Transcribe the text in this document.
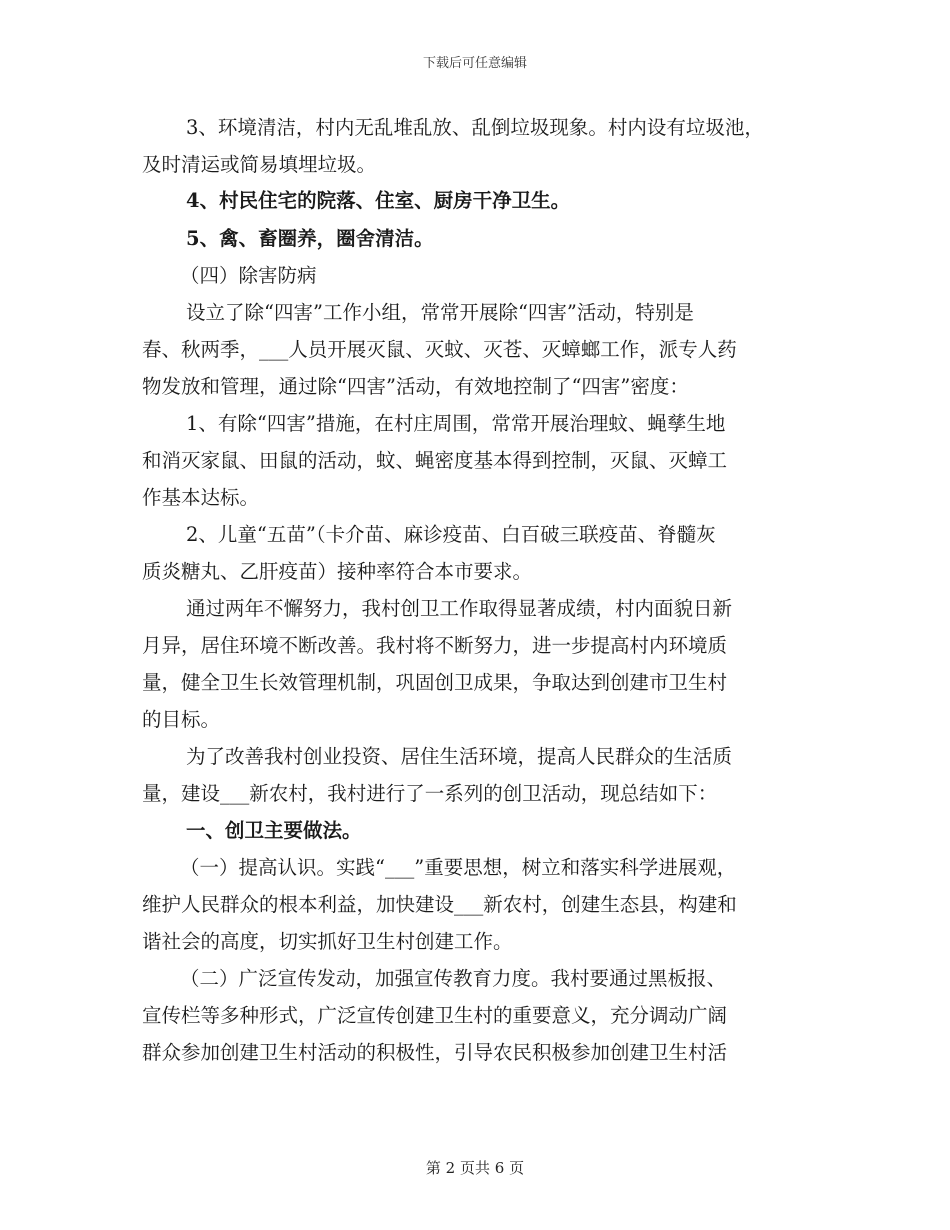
下载后可任意编辑
3、环境清洁，村内无乱堆乱放、乱倒垃圾现象。村内设有垃圾池，
及时清运或简易填埋垃圾。
4、村民住宅的院落、住室、厨房干净卫生。
5、禽、畜圈养，圈舍清洁。
（四）除害防病
设立了除“四害”工作小组，常常开展除“四害”活动，特别是
春、秋两季，___人员开展灭鼠、灭蚊、灭苍、灭蟑螂工作，派专人药
物发放和管理，通过除“四害”活动，有效地控制了“四害”密度：
1、有除“四害”措施，在村庄周围，常常开展治理蚊、蝇孳生地
和消灭家鼠、田鼠的活动，蚊、蝇密度基本得到控制，灭鼠、灭蟑工
作基本达标。
2、儿童“五苗”（卡介苗、麻诊疫苗、白百破三联疫苗、脊髓灰
质炎糖丸、乙肝疫苗）接种率符合本市要求。
通过两年不懈努力，我村创卫工作取得显著成绩，村内面貌日新
月异，居住环境不断改善。我村将不断努力，进一步提高村内环境质
量，健全卫生长效管理机制，巩固创卫成果，争取达到创建市卫生村
的目标。
为了改善我村创业投资、居住生活环境，提高人民群众的生活质
量，建设___新农村，我村进行了一系列的创卫活动，现总结如下：
一、创卫主要做法。
（一）提高认识。实践“___”重要思想，树立和落实科学进展观，
维护人民群众的根本利益，加快建设___新农村，创建生态县，构建和
谐社会的高度，切实抓好卫生村创建工作。
（二）广泛宣传发动，加强宣传教育力度。我村要通过黑板报、
宣传栏等多种形式，广泛宣传创建卫生村的重要意义，充分调动广阔
群众参加创建卫生村活动的积极性，引导农民积极参加创建卫生村活
第 2 页共 6 页
